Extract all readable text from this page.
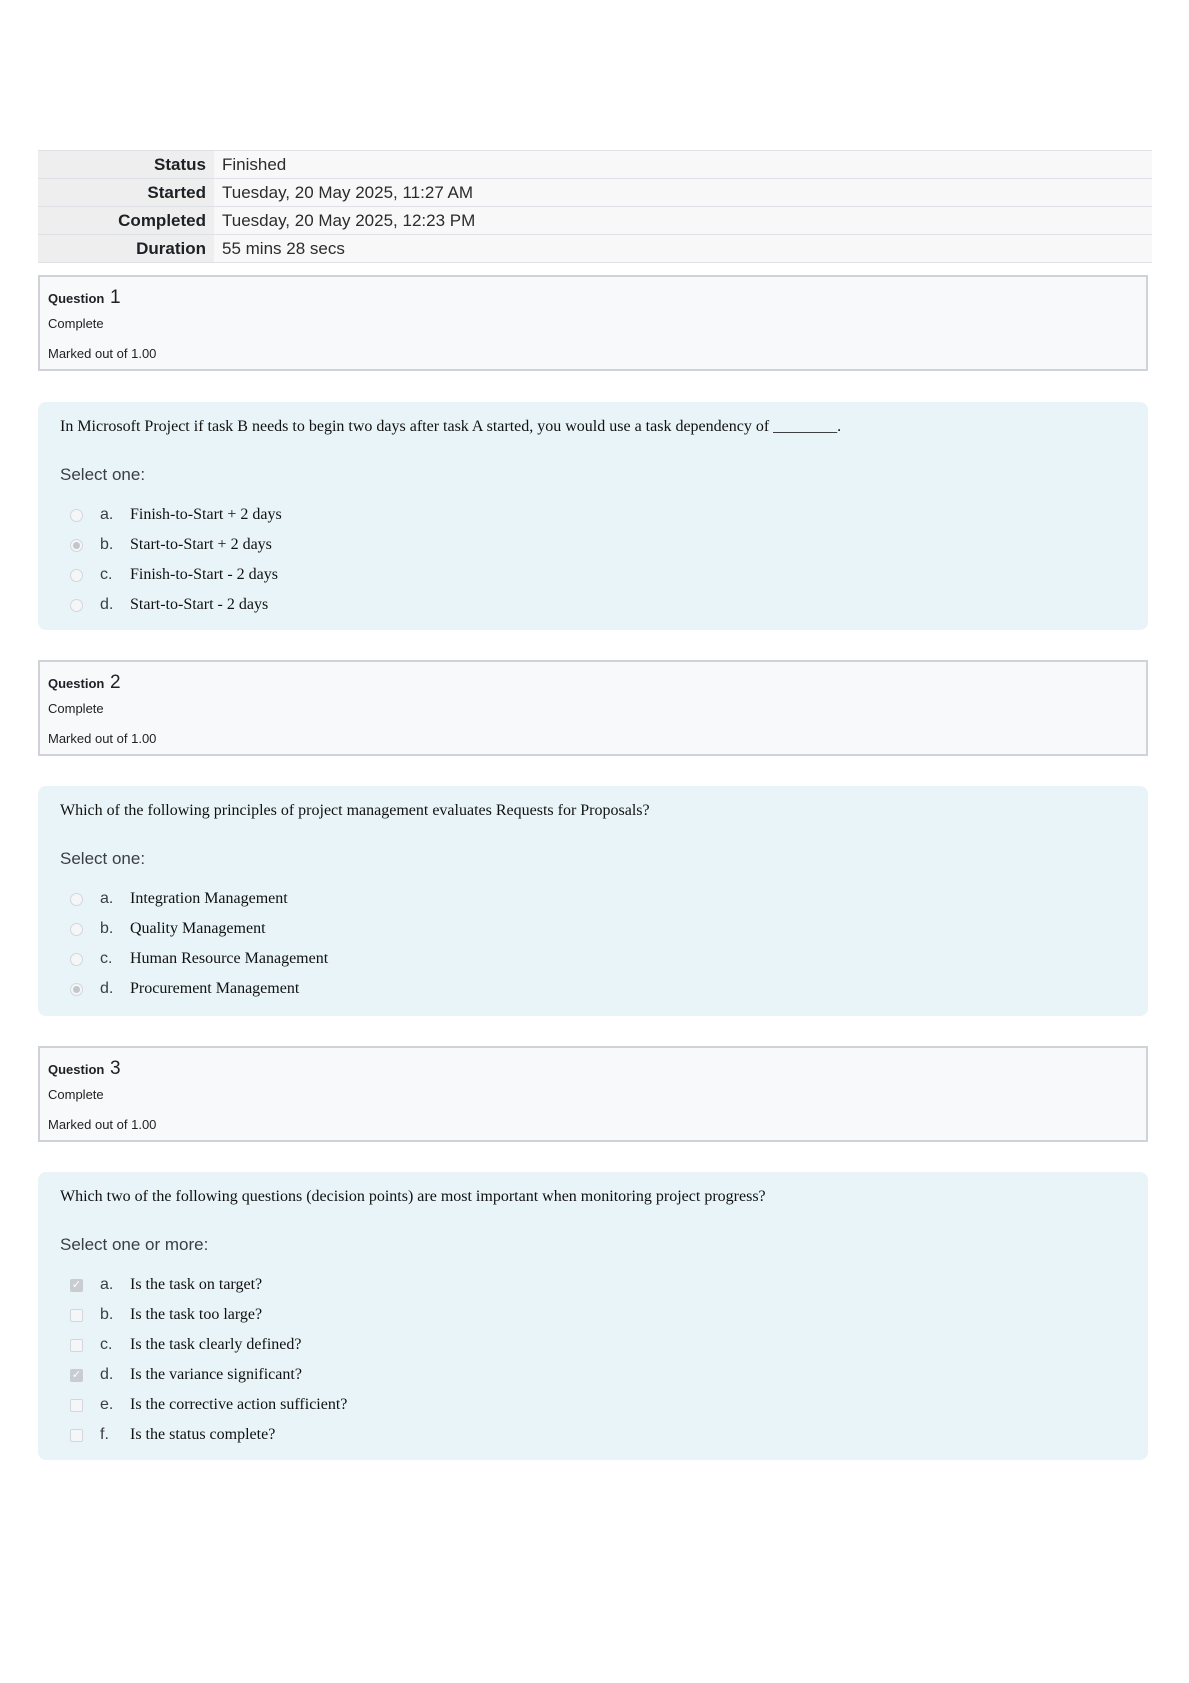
Status	Finished
Started	Tuesday, 20 May 2025, 11:27 AM
Completed	Tuesday, 20 May 2025, 12:23 PM
Duration	55 mins 28 secs
Question 1
Complete
Marked out of 1.00
In Microsoft Project if task B needs to begin two days after task A started, you would use a task dependency of ________.
Select one:
a.	Finish-to-Start + 2 days
b.	Start-to-Start + 2 days
c.	Finish-to-Start - 2 days
d.	Start-to-Start - 2 days
Question 2
Complete
Marked out of 1.00
Which of the following principles of project management evaluates Requests for Proposals?
Select one:
a.	Integration Management
b.	Quality Management
c.	Human Resource Management
d.	Procurement Management
Question 3
Complete
Marked out of 1.00
Which two of the following questions (decision points) are most important when monitoring project progress?
Select one or more:
✓ a.	Is the task on target?
b.	Is the task too large?
c.	Is the task clearly defined?
✓ d.	Is the variance significant?
e.	Is the corrective action sufficient?
f.	Is the status complete?
